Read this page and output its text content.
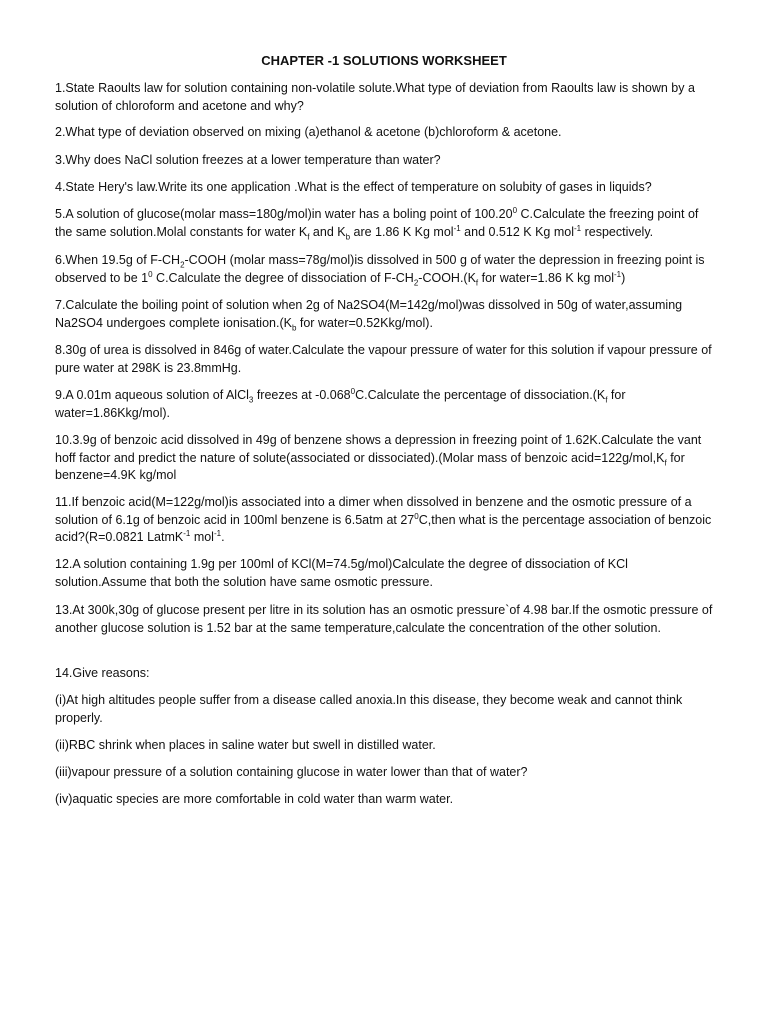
CHAPTER -1 SOLUTIONS WORKSHEET

1.State Raoults law for solution containing non-volatile solute.What type of deviation from Raoults law is shown by a solution of chloroform and acetone and why?

2.What type of deviation observed on mixing (a)ethanol & acetone (b)chloroform & acetone.

3.Why does NaCl solution freezes at a lower temperature than water?

4.State Hery's law.Write its one application .What is the effect of temperature on solubity of gases in liquids?

5.A solution of glucose(molar mass=180g/mol)in water has a boling point of 100.20$^0$ C.Calculate the freezing point of the same solution.Molal constants for water $K_f$ and $K_b$ are 1.86 K Kg mol$^{-1}$ and 0.512 K Kg mol$^{-1}$ respectively.

6.When 19.5g of $F-CH_2$-COOH (molar mass=78g/mol)is dissolved in 500 g of water the depression in freezing point is observed to be $1^0$ C.Calculate the degree of dissociation of $F-CH_2-COOH.(K_f$ for water=1.86 K kg mol$^{-1}$)

7.Calculate the boiling point of solution when 2g of Na2SO4(M=142g/mol)was dissolved in 50g of water,assuming Na2SO4 undergoes complete $ionisation.(K_b$ for water=0.52Kkg/mol).

8.30g of urea is dissolved in 846g of water.Calculate the vapour pressure of water for this solution if vapour pressure of pure water at 298K is 23.8mmHg.

9.A 0.01m aqueous solution of AlCl$_3$ freezes at -0.068$^0$C.Calculate the percentage of $dissociation.(K_f$ for water=1.86Kkg/mol).

10.3.9g of benzoic acid dissolved in 49g of benzene shows a depression in freezing point of 1.62K.Calculate the vant hoff factor and predict the nature of solute(associated or dissociated).(Molar mass of benzoic $acid=122g/mol,K_f$ for benzene=4.9K kg/mol

11.If benzoic acid(M=122g/mol)is associated into a dimer when dissolved in benzene and the osmotic pressure of a solution of 6.1g of benzoic acid in 100ml benzene is 6.5atm at $27^0C,then$ what is the percentage association of benzoic acid?(R=0.0821 LatmK$^{-1}$ mol$^{-1}$.

12.A solution containing 1.9g per 100ml of KCl(M=74.5g/mol)Calculate the degree of dissociation of KCl solution.Assume that both the solution have same osmotic pressure.

13.At 300k,30g of glucose present per litre in its solution has an osmotic pressure`of 4.98 bar.If the osmotic pressure of another glucose solution is 1.52 bar at the same temperature,calculate the concentration of the other solution.

14.Give reasons:

(i)At high altitudes people suffer from a disease called anoxia.In this disease, they become weak and cannot think properly.

(ii)RBC shrink when places in saline water but swell in distilled water.

(iii)vapour pressure of a solution containing glucose in water lower than that of water?

(iv)aquatic species are more comfortable in cold water than warm water.
